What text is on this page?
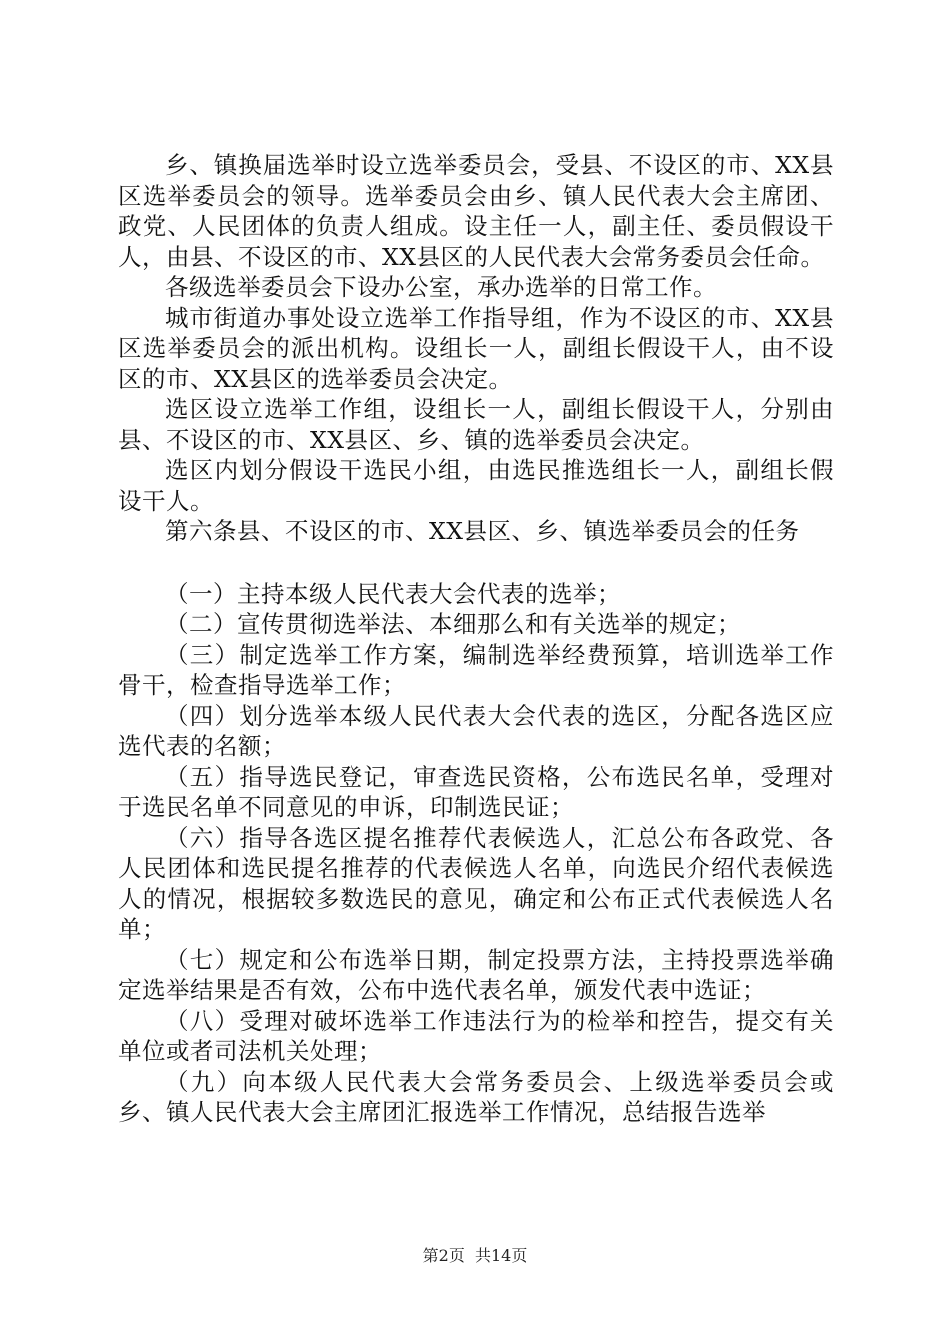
乡、镇换届选举时设立选举委员会，受县、不设区的市、XX县区选举委员会的领导。选举委员会由乡、镇人民代表大会主席团、政党、人民团体的负责人组成。设主任一人，副主任、委员假设干人，由县、不设区的市、XX县区的人民代表大会常务委员会任命。

各级选举委员会下设办公室，承办选举的日常工作。

城市街道办事处设立选举工作指导组，作为不设区的市、XX县区选举委员会的派出机构。设组长一人，副组长假设干人，由不设区的市、XX县区的选举委员会决定。

选区设立选举工作组，设组长一人，副组长假设干人，分别由县、不设区的市、XX县区、乡、镇的选举委员会决定。

选区内划分假设干选民小组，由选民推选组长一人，副组长假设干人。

第六条县、不设区的市、XX县区、乡、镇选举委员会的任务

（一）主持本级人民代表大会代表的选举；

（二）宣传贯彻选举法、本细那么和有关选举的规定；

（三）制定选举工作方案，编制选举经费预算，培训选举工作骨干，检查指导选举工作；

（四）划分选举本级人民代表大会代表的选区，分配各选区应选代表的名额；

（五）指导选民登记，审查选民资格，公布选民名单，受理对于选民名单不同意见的申诉，印制选民证；

（六）指导各选区提名推荐代表候选人，汇总公布各政党、各人民团体和选民提名推荐的代表候选人名单，向选民介绍代表候选人的情况，根据较多数选民的意见，确定和公布正式代表候选人名单；

（七）规定和公布选举日期，制定投票方法，主持投票选举确定选举结果是否有效，公布中选代表名单，颁发代表中选证；

（八）受理对破坏选举工作违法行为的检举和控告，提交有关单位或者司法机关处理；

（九）向本级人民代表大会常务委员会、上级选举委员会或乡、镇人民代表大会主席团汇报选举工作情况，总结报告选举

第2页  共14页
